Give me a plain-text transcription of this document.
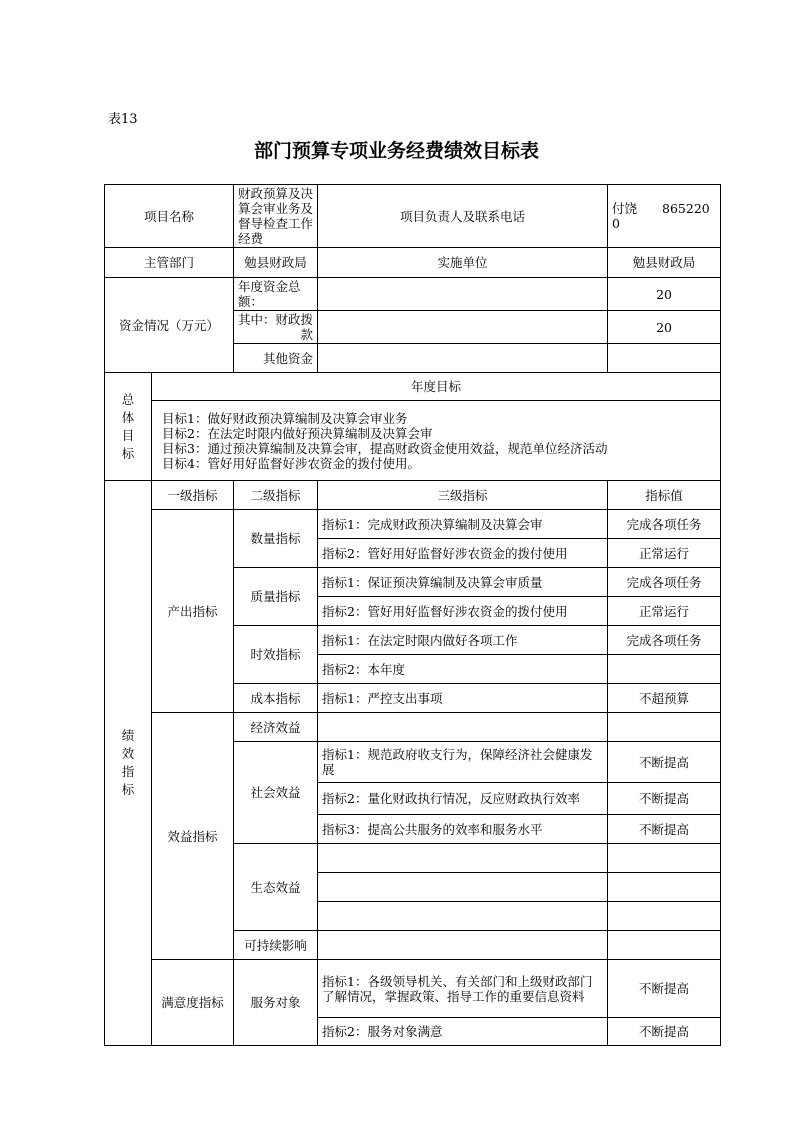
表13
部门预算专项业务经费绩效目标表
项目名称		财政预算及决算会审业务及督导检查工作经费	项目负责人及联系电话	付饶　　8652200
主管部门		勉县财政局	实施单位	勉县财政局
资金情况（万元）		年度资金总额：		20
		其中：财政拨款		20
		其他资金		

总
体
目
标	年度目标			

	目标1：做好财政预决算编制及决算会审业务
目标2：在法定时限内做好预决算编制及决算会审
目标3：通过预决算编制及决算会审，提高财政资金使用效益，规范单位经济活动
目标4：管好用好监督好涉农资金的拨付使用。			

绩
效
指
标	一级指标	二级指标	三级指标	指标值
	产出指标	数量指标	指标1：完成财政预决算编制及决算会审	完成各项任务
			指标2：管好用好监督好涉农资金的拨付使用	正常运行
		质量指标	指标1：保证预决算编制及决算会审质量	完成各项任务
			指标2：管好用好监督好涉农资金的拨付使用	正常运行
		时效指标	指标1：在法定时限内做好各项工作	完成各项任务
			指标2：本年度	
		成本指标	指标1：严控支出事项	不超预算
	效益指标	经济效益		
		社会效益	指标1：规范政府收支行为，保障经济社会健康发展	不断提高
			指标2：量化财政执行情况，反应财政执行效率	不断提高
			指标3：提高公共服务的效率和服务水平	不断提高
		生态效益		

		可持续影响		
	满意度指标	服务对象	指标1：各级领导机关、有关部门和上级财政部门了解情况，掌握政策、指导工作的重要信息资料	不断提高
			指标2：服务对象满意	不断提高
